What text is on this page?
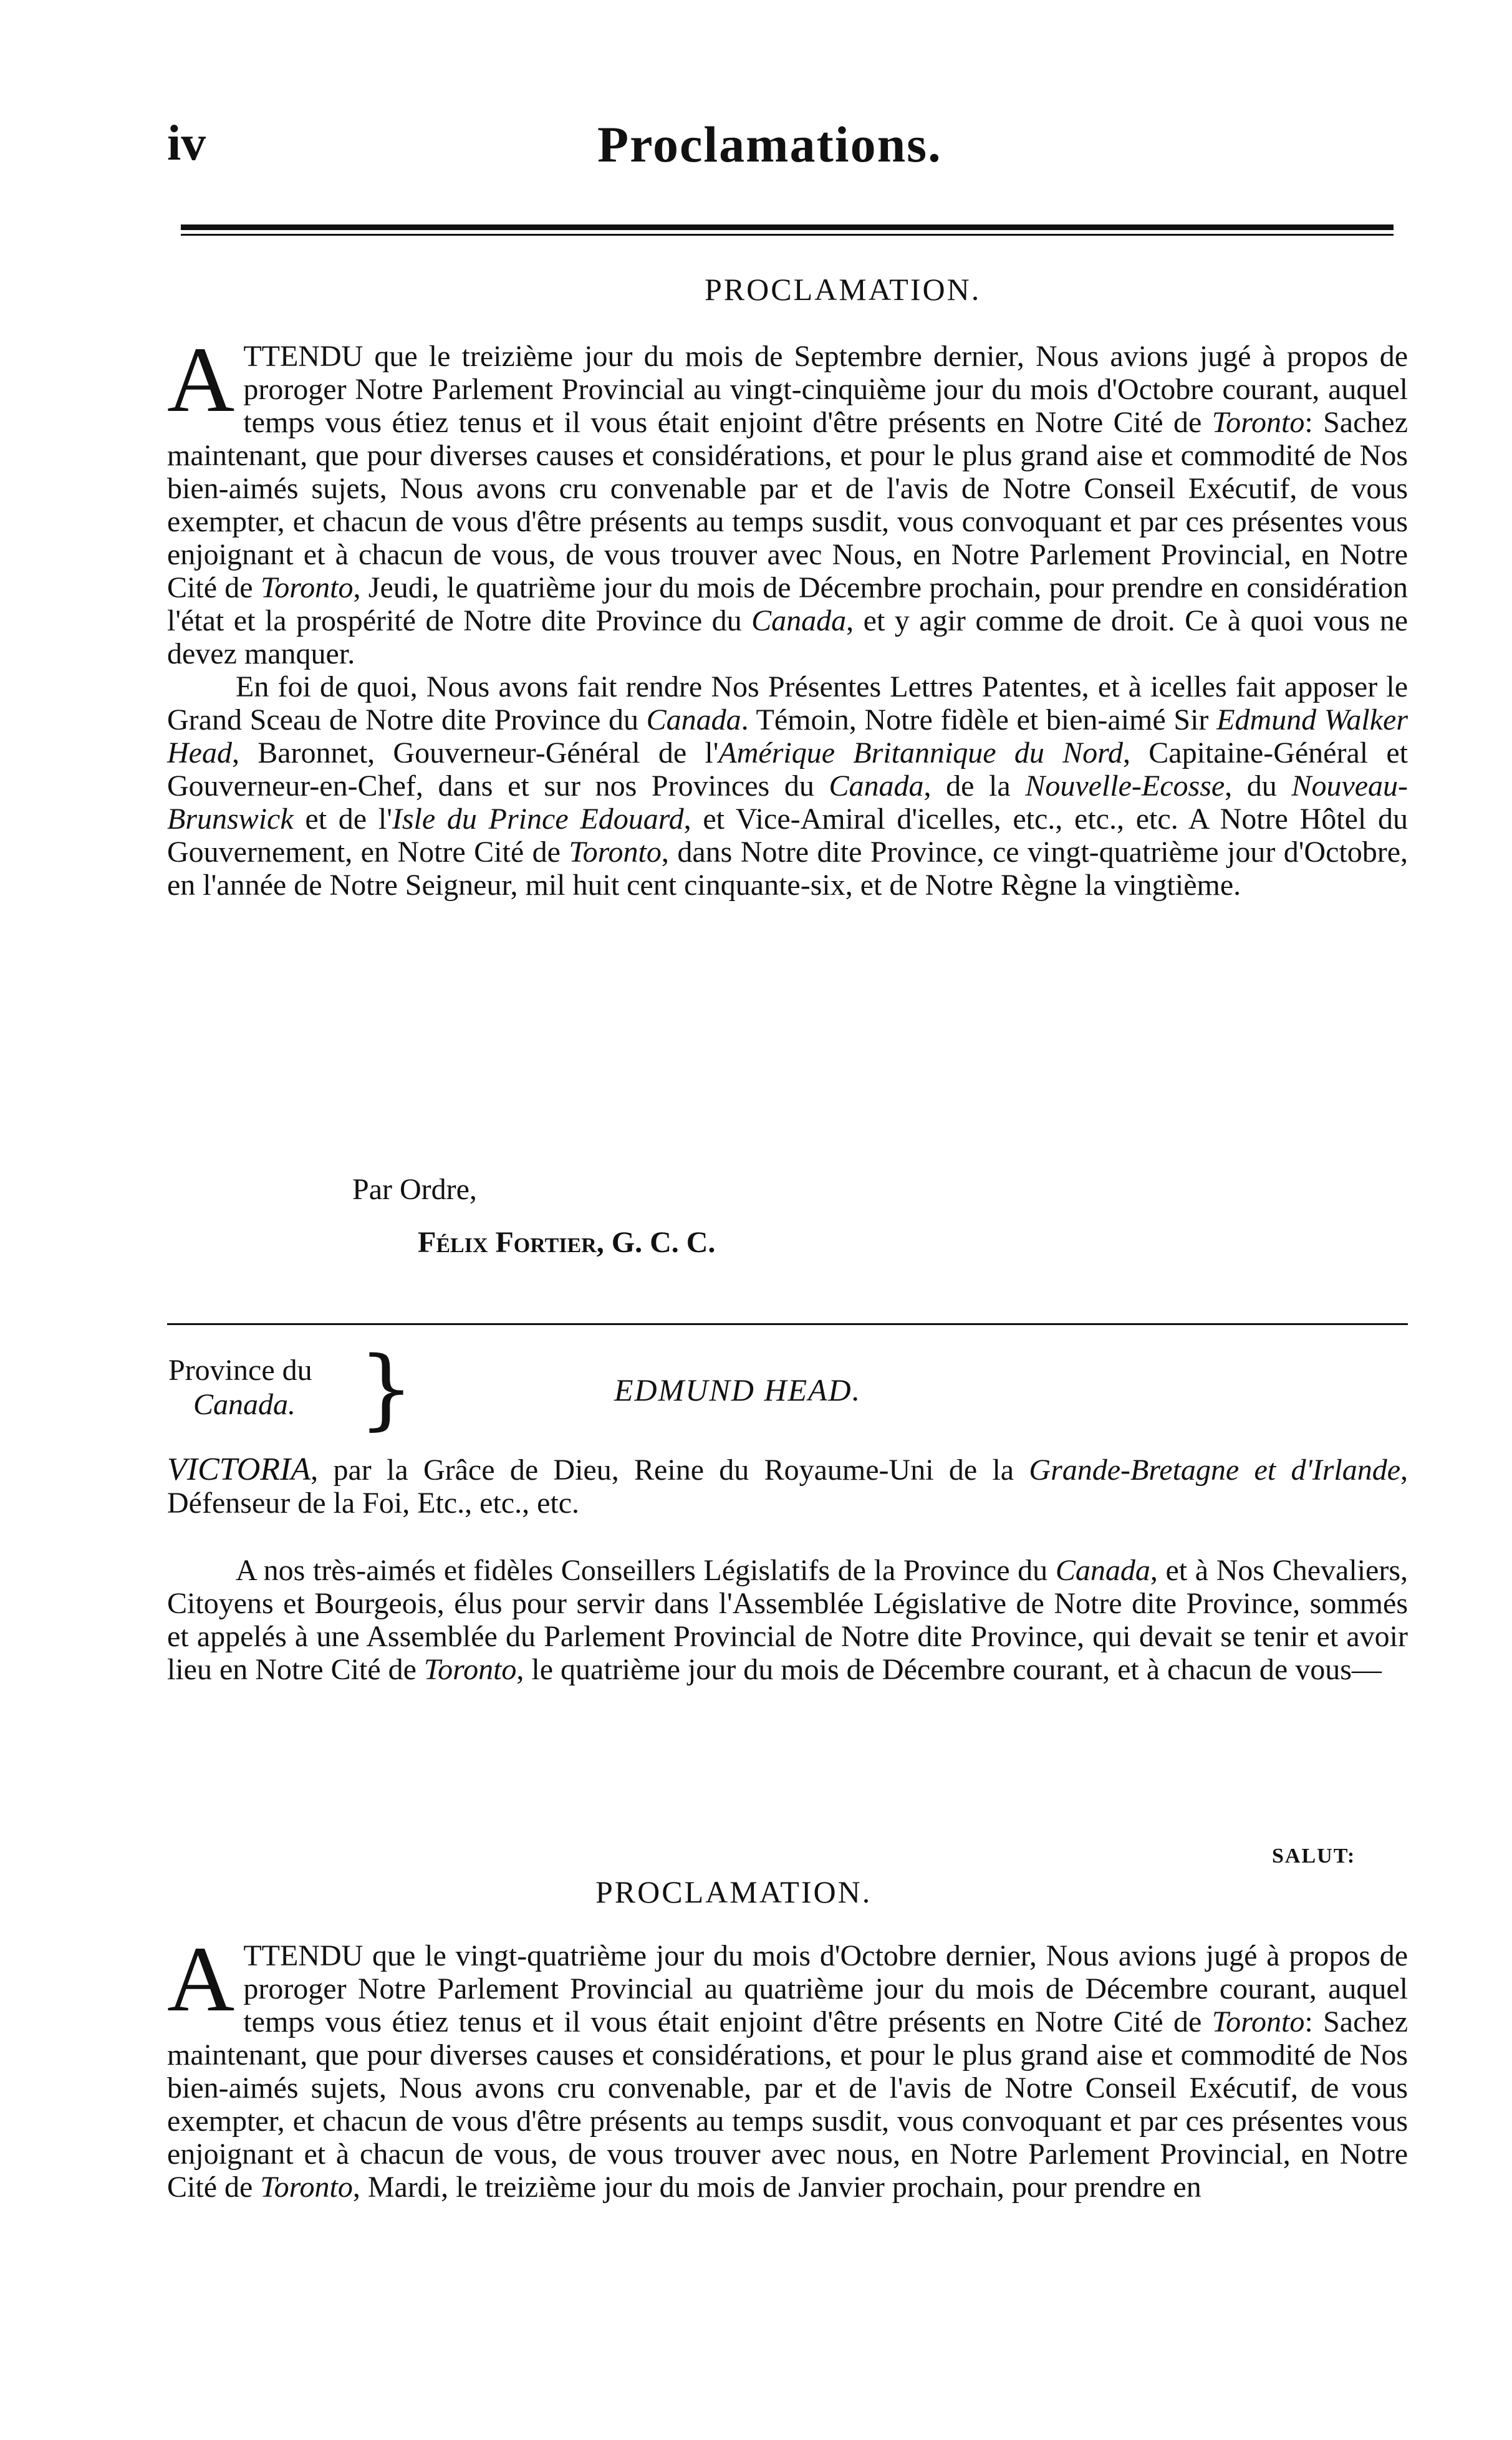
iv	Proclamations.
PROCLAMATION.

ATTENDU que le treizième jour du mois de Septembre dernier, Nous avions jugé à propos de proroger Notre Parlement Provincial au vingt-cinquième jour du mois d'Octobre courant, auquel temps vous étiez tenus et il vous était enjoint d'être présents en Notre Cité de Toronto: Sachez maintenant, que pour diverses causes et considérations, et pour le plus grand aise et commodité de Nos bien-aimés sujets, Nous avons cru convenable par et de l'avis de Notre Conseil Exécutif, de vous exempter, et chacun de vous d'être présents au temps susdit, vous convoquant et par ces présentes vous enjoignant et à chacun de vous, de vous trouver avec Nous, en Notre Parlement Provincial, en Notre Cité de Toronto, Jeudi, le quatrième jour du mois de Décembre prochain, pour prendre en considération l'état et la prospérité de Notre dite Province du Canada, et y agir comme de droit. Ce à quoi vous ne devez manquer.

En foi de quoi, Nous avons fait rendre Nos Présentes Lettres Patentes, et à icelles fait apposer le Grand Sceau de Notre dite Province du Canada. Témoin, Notre fidèle et bien-aimé Sir Edmund Walker Head, Baronnet, Gouverneur-Général de l'Amérique Britannique du Nord, Capitaine-Général et Gouverneur-en-Chef, dans et sur nos Provinces du Canada, de la Nouvelle-Ecosse, du Nouveau-Brunswick et de l'Isle du Prince Edouard, et Vice-Amiral d'icelles, etc., etc., etc. A Notre Hôtel du Gouvernement, en Notre Cité de Toronto, dans Notre dite Province, ce vingt-quatrième jour d'Octobre, en l'année de Notre Seigneur, mil huit cent cinquante-six, et de Notre Règne la vingtième.

Par Ordre,
Félix Fortier, G. C. C.
Province du
Canada. }	EDMUND HEAD.

VICTORIA, par la Grâce de Dieu, Reine du Royaume-Uni de la Grande-Bretagne et d'Irlande, Défenseur de la Foi, Etc., etc., etc.

A nos très-aimés et fidèles Conseillers Législatifs de la Province du Canada, et à Nos Chevaliers, Citoyens et Bourgeois, élus pour servir dans l'Assemblée Législative de Notre dite Province, sommés et appelés à une Assemblée du Parlement Provincial de Notre dite Province, qui devait se tenir et avoir lieu en Notre Cité de Toronto, le quatrième jour du mois de Décembre courant, et à chacun de vous—

SALUT:
PROCLAMATION.

ATTENDU que le vingt-quatrième jour du mois d'Octobre dernier, Nous avions jugé à propos de proroger Notre Parlement Provincial au quatrième jour du mois de Décembre courant, auquel temps vous étiez tenus et il vous était enjoint d'être présents en Notre Cité de Toronto: Sachez maintenant, que pour diverses causes et considérations, et pour le plus grand aise et commodité de Nos bien-aimés sujets, Nous avons cru convenable, par et de l'avis de Notre Conseil Exécutif, de vous exempter, et chacun de vous d'être présents au temps susdit, vous convoquant et par ces présentes vous enjoignant et à chacun de vous, de vous trouver avec nous, en Notre Parlement Provincial, en Notre Cité de Toronto, Mardi, le treizième jour du mois de Janvier prochain, pour prendre en
